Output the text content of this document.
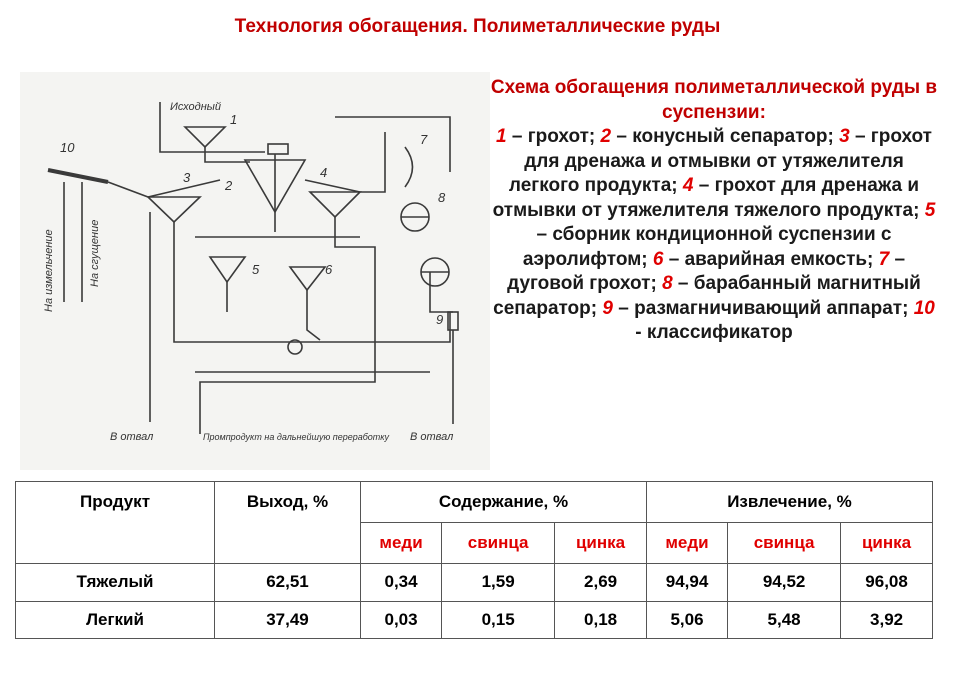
Технология обогащения. Полиметаллические руды
Исходный
1
2
3	4
5	6
7
8
9
10
В отвал	Промпродукт на дальнейшую переработку В отвал
На измельчение	На сгущение
Схема обогащения полиметаллической руды в суспензии:
1 – грохот; 2 – конусный сепаратор; 3 – грохот для дренажа и отмывки от утяжелителя легкого продукта; 4 – грохот для дренажа и отмывки от утяжелителя тяжелого продукта; 5 – сборник кондиционной суспензии с аэролифтом; 6 – аварийная емкость; 7 – дуговой грохот; 8 – барабанный магнитный сепаратор; 9 – размагничивающий аппарат; 10 - классификатор
Продукт	Выход, %	Содержание, %			Извлечение, %		
		меди	свинца	цинка	меди	свинца	цинка
Тяжелый	62,51	0,34	1,59	2,69	94,94	94,52	96,08
Легкий	37,49	0,03	0,15	0,18	5,06	5,48	3,92
